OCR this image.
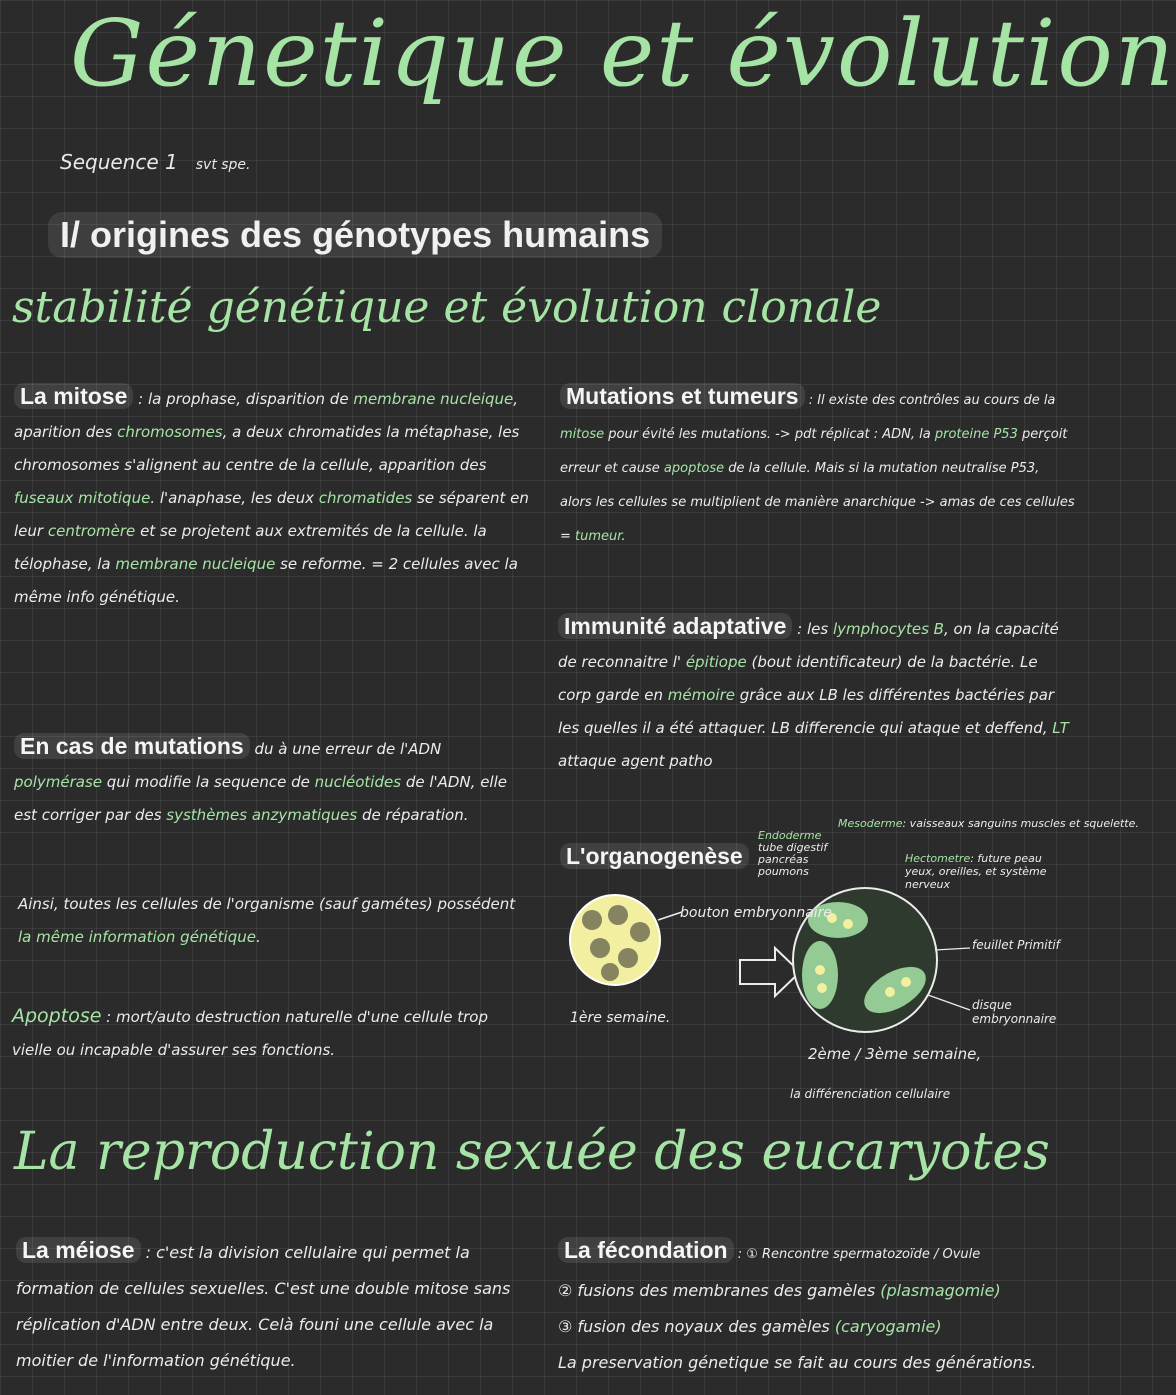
Génetique et évolution
Sequence 1 svt spe.
I/ origines des génotypes humains
stabilité génétique et évolution clonale
La mitose : la prophase, disparition de membrane nucleique, aparition des chromosomes, a deux chromatides la métaphase, les chromosomes s'alignent au centre de la cellule, apparition des fuseaux mitotique. l'anaphase, les deux chromatides se séparent en leur centromère et se projetent aux extremités de la cellule. la télophase, la membrane nucleique se reforme. = 2 cellules avec la même info génétique.
En cas de mutations du à une erreur de l'ADN polymérase qui modifie la sequence de nucléotides de l'ADN, elle est corriger par des systhèmes anzymatiques de réparation.
Ainsi, toutes les cellules de l'organisme (sauf gamétes) possédent la même information génétique.
Apoptose : mort/auto destruction naturelle d'une cellule trop vielle ou incapable d'assurer ses fonctions.
Mutations et tumeurs : Il existe des contrôles au cours de la mitose pour évité les mutations. -> pdt réplicat : ADN, la proteine P53 perçoit erreur et cause apoptose de la cellule. Mais si la mutation neutralise P53, alors les cellules se multiplient de manière anarchique -> amas de ces cellules = tumeur.
Immunité adaptative : les lymphocytes B, on la capacité de reconnaitre l' épitiope (bout identificateur) de la bactérie. Le corp garde en mémoire grâce aux LB les différentes bactéries par les quelles il a été attaquer. LB differencie qui ataque et deffend, LT attaque agent patho
L'organogenèse
bouton embryonnaire
1ère semaine.
Endoderme tube digestif pancréas poumons
Mesoderme: vaisseaux sanguins muscles et squelette.
Hectometre: future peau yeux, oreilles, et système nerveux
feuillet Primitif
disque embryonnaire
2ème / 3ème semaine,
la différenciation cellulaire
La reproduction sexuée des eucaryotes
La méiose : c'est la division cellulaire qui permet la formation de cellules sexuelles. C'est une double mitose sans réplication d'ADN entre deux. Celà founi une cellule avec la moitier de l'information génétique.
La fécondation : ① Rencontre spermatozoïde / Ovule
② fusions des membranes des gamèles (plasmagomie)
③ fusion des noyaux des gamèles (caryogamie)
La preservation génetique se fait au cours des générations.
